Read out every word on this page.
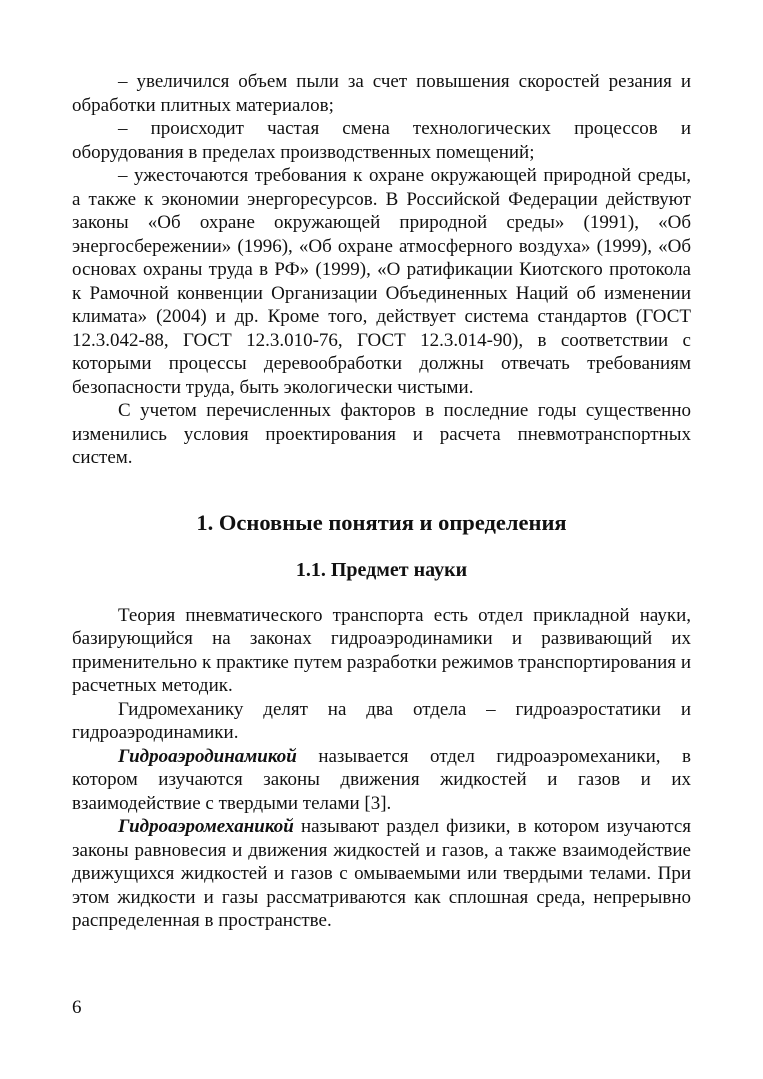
– увеличился объем пыли за счет повышения скоростей резания и обработки плитных материалов;

– происходит частая смена технологических процессов и оборудования в пределах производственных помещений;

– ужесточаются требования к охране окружающей природной среды, а также к экономии энергоресурсов. В Российской Федерации действуют законы «Об охране окружающей природной среды» (1991), «Об энергосбережении» (1996), «Об охране атмосферного воздуха» (1999), «Об основах охраны труда в РФ» (1999), «О ратификации Киотского протокола к Рамочной конвенции Организации Объединенных Наций об изменении климата» (2004) и др. Кроме того, действует система стандартов (ГОСТ 12.3.042-88, ГОСТ 12.3.010-76, ГОСТ 12.3.014-90), в соответствии с которыми процессы деревообработки должны отвечать требованиям безопасности труда, быть экологически чистыми.

С учетом перечисленных факторов в последние годы существенно изменились условия проектирования и расчета пневмотранспортных систем.

1. Основные понятия и определения
1.1. Предмет науки

Теория пневматического транспорта есть отдел прикладной науки, базирующийся на законах гидроаэродинамики и развивающий их применительно к практике путем разработки режимов транспортирования и расчетных методик.

Гидромеханику делят на два отдела – гидроаэростатики и гидроаэродинамики.

Гидроаэродинамикой называется отдел гидроаэромеханики, в котором изучаются законы движения жидкостей и газов и их взаимодействие с твердыми телами [3].

Гидроаэромеханикой называют раздел физики, в котором изучаются законы равновесия и движения жидкостей и газов, а также взаимодействие движущихся жидкостей и газов с омываемыми или твердыми телами. При этом жидкости и газы рассматриваются как сплошная среда, непрерывно распределенная в пространстве.

6
